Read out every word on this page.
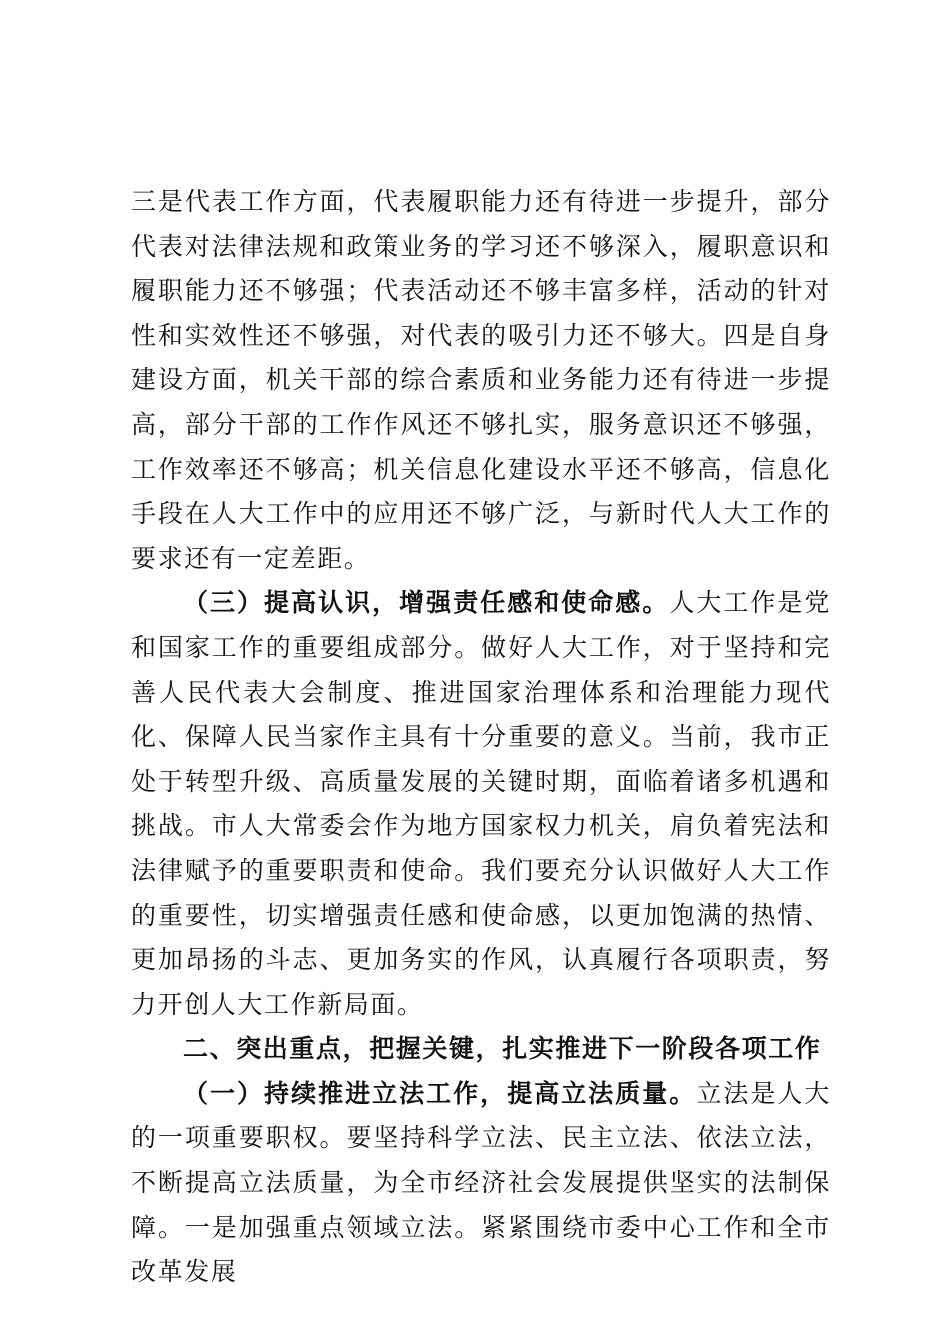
三是代表工作方面，代表履职能力还有待进一步提升，部分代表对法律法规和政策业务的学习还不够深入，履职意识和履职能力还不够强；代表活动还不够丰富多样，活动的针对性和实效性还不够强，对代表的吸引力还不够大。四是自身建设方面，机关干部的综合素质和业务能力还有待进一步提高，部分干部的工作作风还不够扎实，服务意识还不够强，工作效率还不够高；机关信息化建设水平还不够高，信息化手段在人大工作中的应用还不够广泛，与新时代人大工作的要求还有一定差距。

（三）提高认识，增强责任感和使命感。人大工作是党和国家工作的重要组成部分。做好人大工作，对于坚持和完善人民代表大会制度、推进国家治理体系和治理能力现代化、保障人民当家作主具有十分重要的意义。当前，我市正处于转型升级、高质量发展的关键时期，面临着诸多机遇和挑战。市人大常委会作为地方国家权力机关，肩负着宪法和法律赋予的重要职责和使命。我们要充分认识做好人大工作的重要性，切实增强责任感和使命感，以更加饱满的热情、更加昂扬的斗志、更加务实的作风，认真履行各项职责，努力开创人大工作新局面。

二、突出重点，把握关键，扎实推进下一阶段各项工作

（一）持续推进立法工作，提高立法质量。立法是人大的一项重要职权。要坚持科学立法、民主立法、依法立法，不断提高立法质量，为全市经济社会发展提供坚实的法制保障。一是加强重点领域立法。紧紧围绕市委中心工作和全市改革发展
